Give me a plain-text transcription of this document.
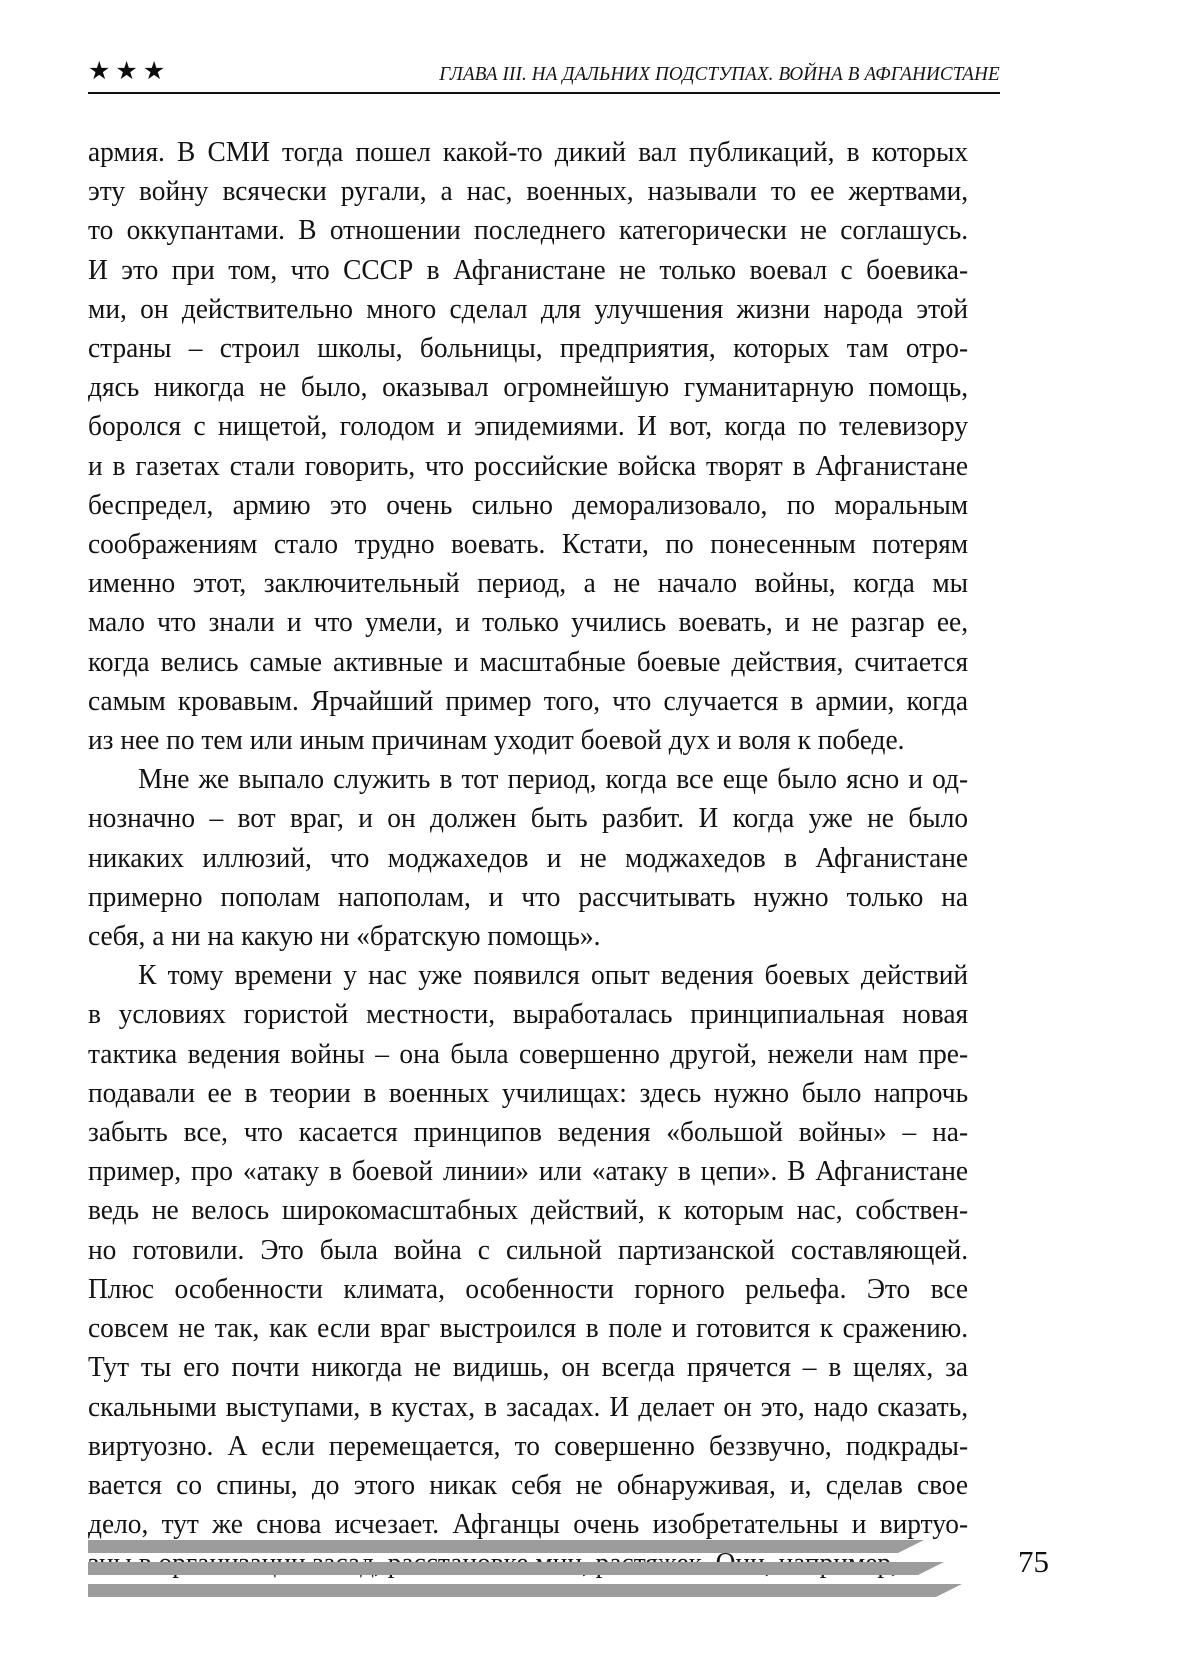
★★★	ГЛАВА III. НА ДАЛЬНИХ ПОДСТУПАХ. ВОЙНА В АФГАНИСТАНЕ

армия. В СМИ тогда пошел какой-то дикий вал публикаций, в которых
эту войну всячески ругали, а нас, военных, называли то ее жертвами,
то оккупантами. В отношении последнего категорически не соглашусь.
И это при том, что СССР в Афганистане не только воевал с боевика-
ми, он действительно много сделал для улучшения жизни народа этой
страны – строил школы, больницы, предприятия, которых там отро-
дясь никогда не было, оказывал огромнейшую гуманитарную помощь,
боролся с нищетой, голодом и эпидемиями. И вот, когда по телевизору
и в газетах стали говорить, что российские войска творят в Афганистане
беспредел, армию это очень сильно деморализовало, по моральным
соображениям стало трудно воевать. Кстати, по понесенным потерям
именно этот, заключительный период, а не начало войны, когда мы
мало что знали и что умели, и только учились воевать, и не разгар ее,
когда велись самые активные и масштабные боевые действия, считается
самым кровавым. Ярчайший пример того, что случается в армии, когда
из нее по тем или иным причинам уходит боевой дух и воля к победе.

Мне же выпало служить в тот период, когда все еще было ясно и од-
нозначно – вот враг, и он должен быть разбит. И когда уже не было
никаких иллюзий, что моджахедов и не моджахедов в Афганистане
примерно пополам напополам, и что рассчитывать нужно только на
себя, а ни на какую ни «братскую помощь».

К тому времени у нас уже появился опыт ведения боевых действий
в условиях гористой местности, выработалась принципиальная новая
тактика ведения войны – она была совершенно другой, нежели нам пре-
подавали ее в теории в военных училищах: здесь нужно было напрочь
забыть все, что касается принципов ведения «большой войны» – на-
пример, про «атаку в боевой линии» или «атаку в цепи». В Афганистане
ведь не велось широкомасштабных действий, к которым нас, собствен-
но готовили. Это была война с сильной партизанской составляющей.
Плюс особенности климата, особенности горного рельефа. Это все
совсем не так, как если враг выстроился в поле и готовится к сражению.
Тут ты его почти никогда не видишь, он всегда прячется – в щелях, за
скальными выступами, в кустах, в засадах. И делает он это, надо сказать,
виртуозно. А если перемещается, то совершенно беззвучно, подкрады-
вается со спины, до этого никак себя не обнаруживая, и, сделав свое
дело, тут же снова исчезает. Афганцы очень изобретательны и виртуо-

75
